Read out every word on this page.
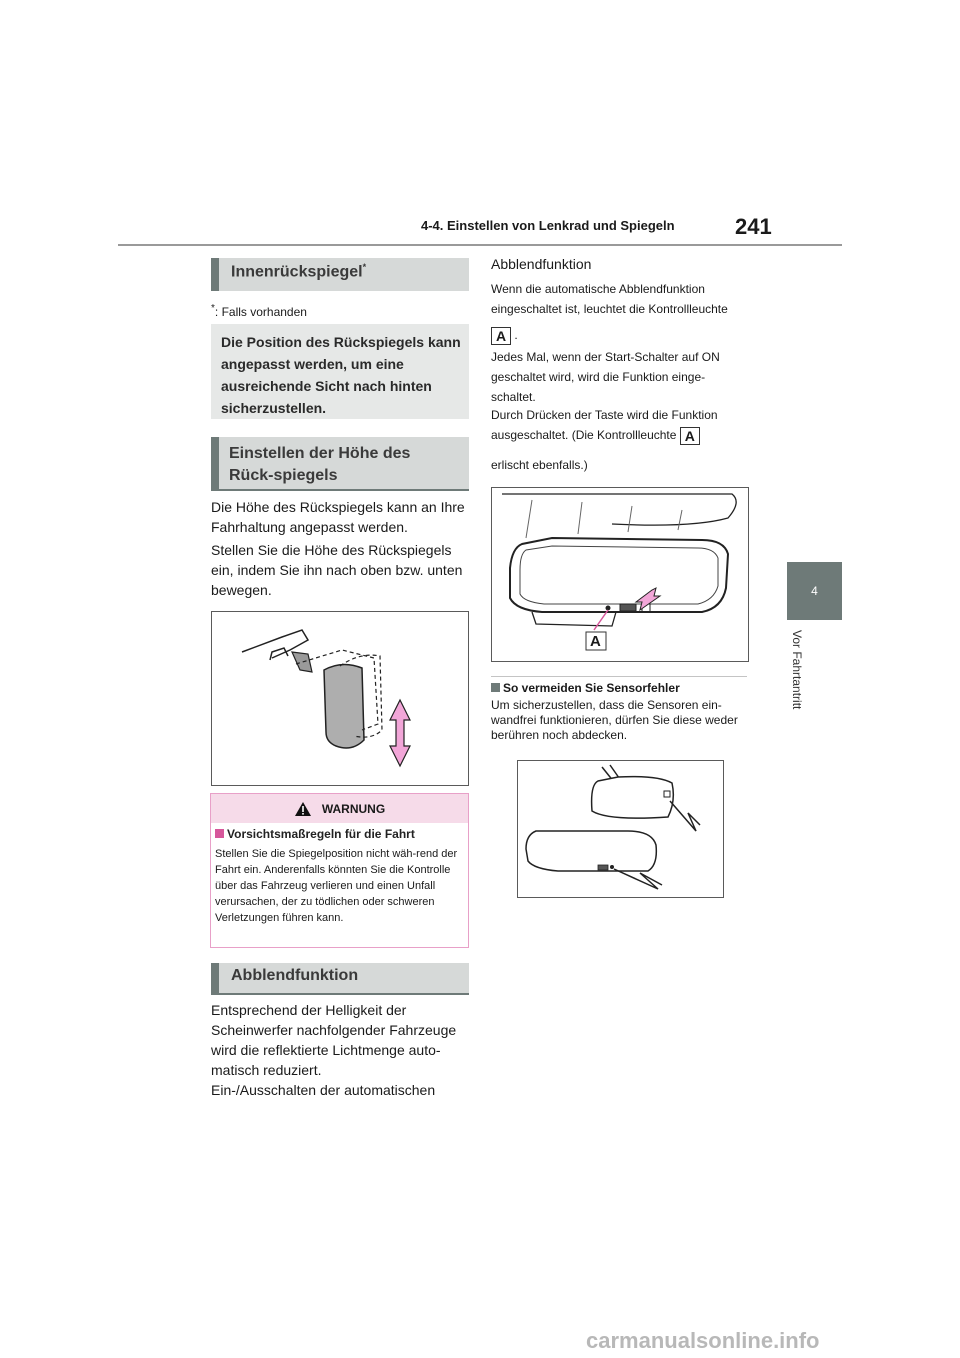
4-4. Einstellen von Lenkrad und Spiegeln	241
4
Vor Fahrtantritt
Innenrückspiegel*
*: Falls vorhanden
Die Position des Rückspiegels kann angepasst werden, um eine ausreichende Sicht nach hinten sicherzustellen.
Einstellen der Höhe des Rück-spiegels
Die Höhe des Rückspiegels kann an Ihre Fahrhaltung angepasst werden.
Stellen Sie die Höhe des Rückspiegels ein, indem Sie ihn nach oben bzw. unten bewegen.
WARNUNG
Vorsichtsmaßregeln für die Fahrt
Stellen Sie die Spiegelposition nicht wäh-rend der Fahrt ein. Anderenfalls könnten Sie die Kontrolle über das Fahrzeug verlieren und einen Unfall verursachen, der zu tödlichen oder schweren Verletzungen führen kann.
Abblendfunktion
Entsprechend der Helligkeit der Scheinwerfer nachfolgender Fahrzeuge wird die reflektierte Lichtmenge auto-matisch reduziert.
Ein-/Ausschalten der automatischen
Abblendfunktion
Wenn die automatische Abblendfunktion eingeschaltet ist, leuchtet die Kontrollleuchte
A .
Jedes Mal, wenn der Start-Schalter auf ON geschaltet wird, wird die Funktion einge-schaltet.
Durch Drücken der Taste wird die Funktion ausgeschaltet. (Die Kontrollleuchte A
erlischt ebenfalls.)
A
So vermeiden Sie Sensorfehler
Um sicherzustellen, dass die Sensoren ein-wandfrei funktionieren, dürfen Sie diese weder berühren noch abdecken.
carmanualsonline.info
